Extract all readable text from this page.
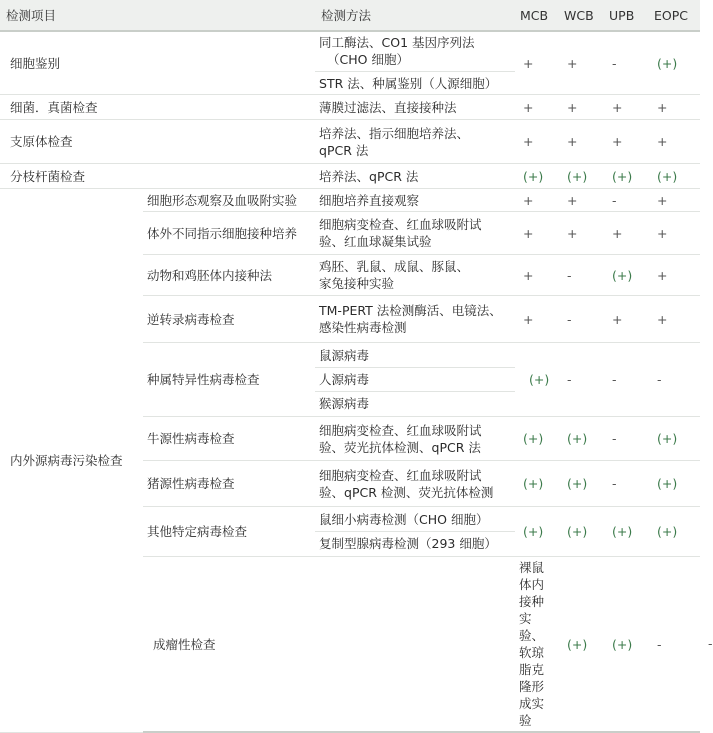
检测项目		检测方法	MCB	WCB	UPB	EOPC	
细胞鉴别		同工酶法、CO1 基因序列法
（CHO 细胞）
STR 法、种属鉴别（人源细胞）	+	+	-	(+)	
细菌．真菌检查		薄膜过滤法、直接接种法	+	+	+	+	
支原体检查		培养法、指示细胞培养法、
qPCR 法	+	+	+	+	
分枝杆菌检查		培养法、qPCR 法	(+)	(+)	(+)	(+)	
内外源病毒污染检查	细胞形态观察及血吸附实验	细胞培养直接观察	+	+	-	+	
	体外不同指示细胞接种培养	细胞病变检查、红血球吸附试
验、红血球凝集试验	+	+	+	+	
	动物和鸡胚体内接种法	鸡胚、乳鼠、成鼠、豚鼠、
家兔接种实验	+	-	(+)	+	
	逆转录病毒检查	TM-PERT 法检测酶活、电镜法、
感染性病毒检测	+	-	+	+	
	种属特异性病毒检查	鼠源病毒
人源病毒
猴源病毒	(+)	-	-	-	
	牛源性病毒检查	细胞病变检查、红血球吸附试
验、荧光抗体检测、qPCR 法	(+)	(+)	-	(+)	
	猪源性病毒检查	细胞病变检查、红血球吸附试
验、qPCR 检测、荧光抗体检测	(+)	(+)	-	(+)	
	其他特定病毒检查	鼠细小病毒检测（CHO 细胞）
复制型腺病毒检测（293 细胞）	(+)	(+)	(+)	(+)	
	成瘤性检查		裸鼠体内接种实验、软琼脂克
隆形成实验	(+)	(+)	-	-
